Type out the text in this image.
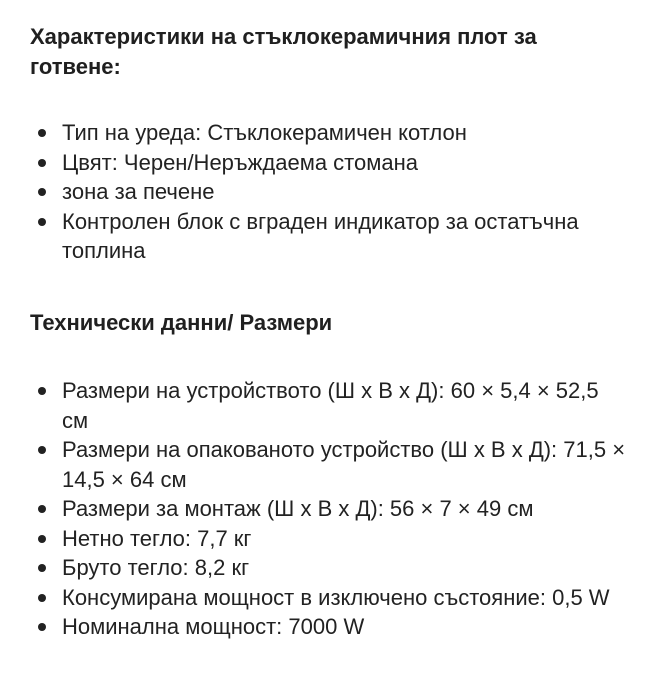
Характеристики на стъклокерамичния плот за готвене:
Тип на уреда: Стъклокерамичен котлон
Цвят: Черен/Неръждаема стомана
зона за печене
Контролен блок с вграден индикатор за остатъчна топлина
Технически данни/ Размери
Размери на устройството (Ш x В x Д): 60 × 5,4 × 52,5 см
Размери на опакованото устройство (Ш x В x Д): 71,5 × 14,5 × 64 см
Размери за монтаж (Ш x В x Д): 56 × 7 × 49 см
Нетно тегло: 7,7 кг
Бруто тегло: 8,2 кг
Консумирана мощност в изключено състояние: 0,5 W
Номинална мощност: 7000 W
